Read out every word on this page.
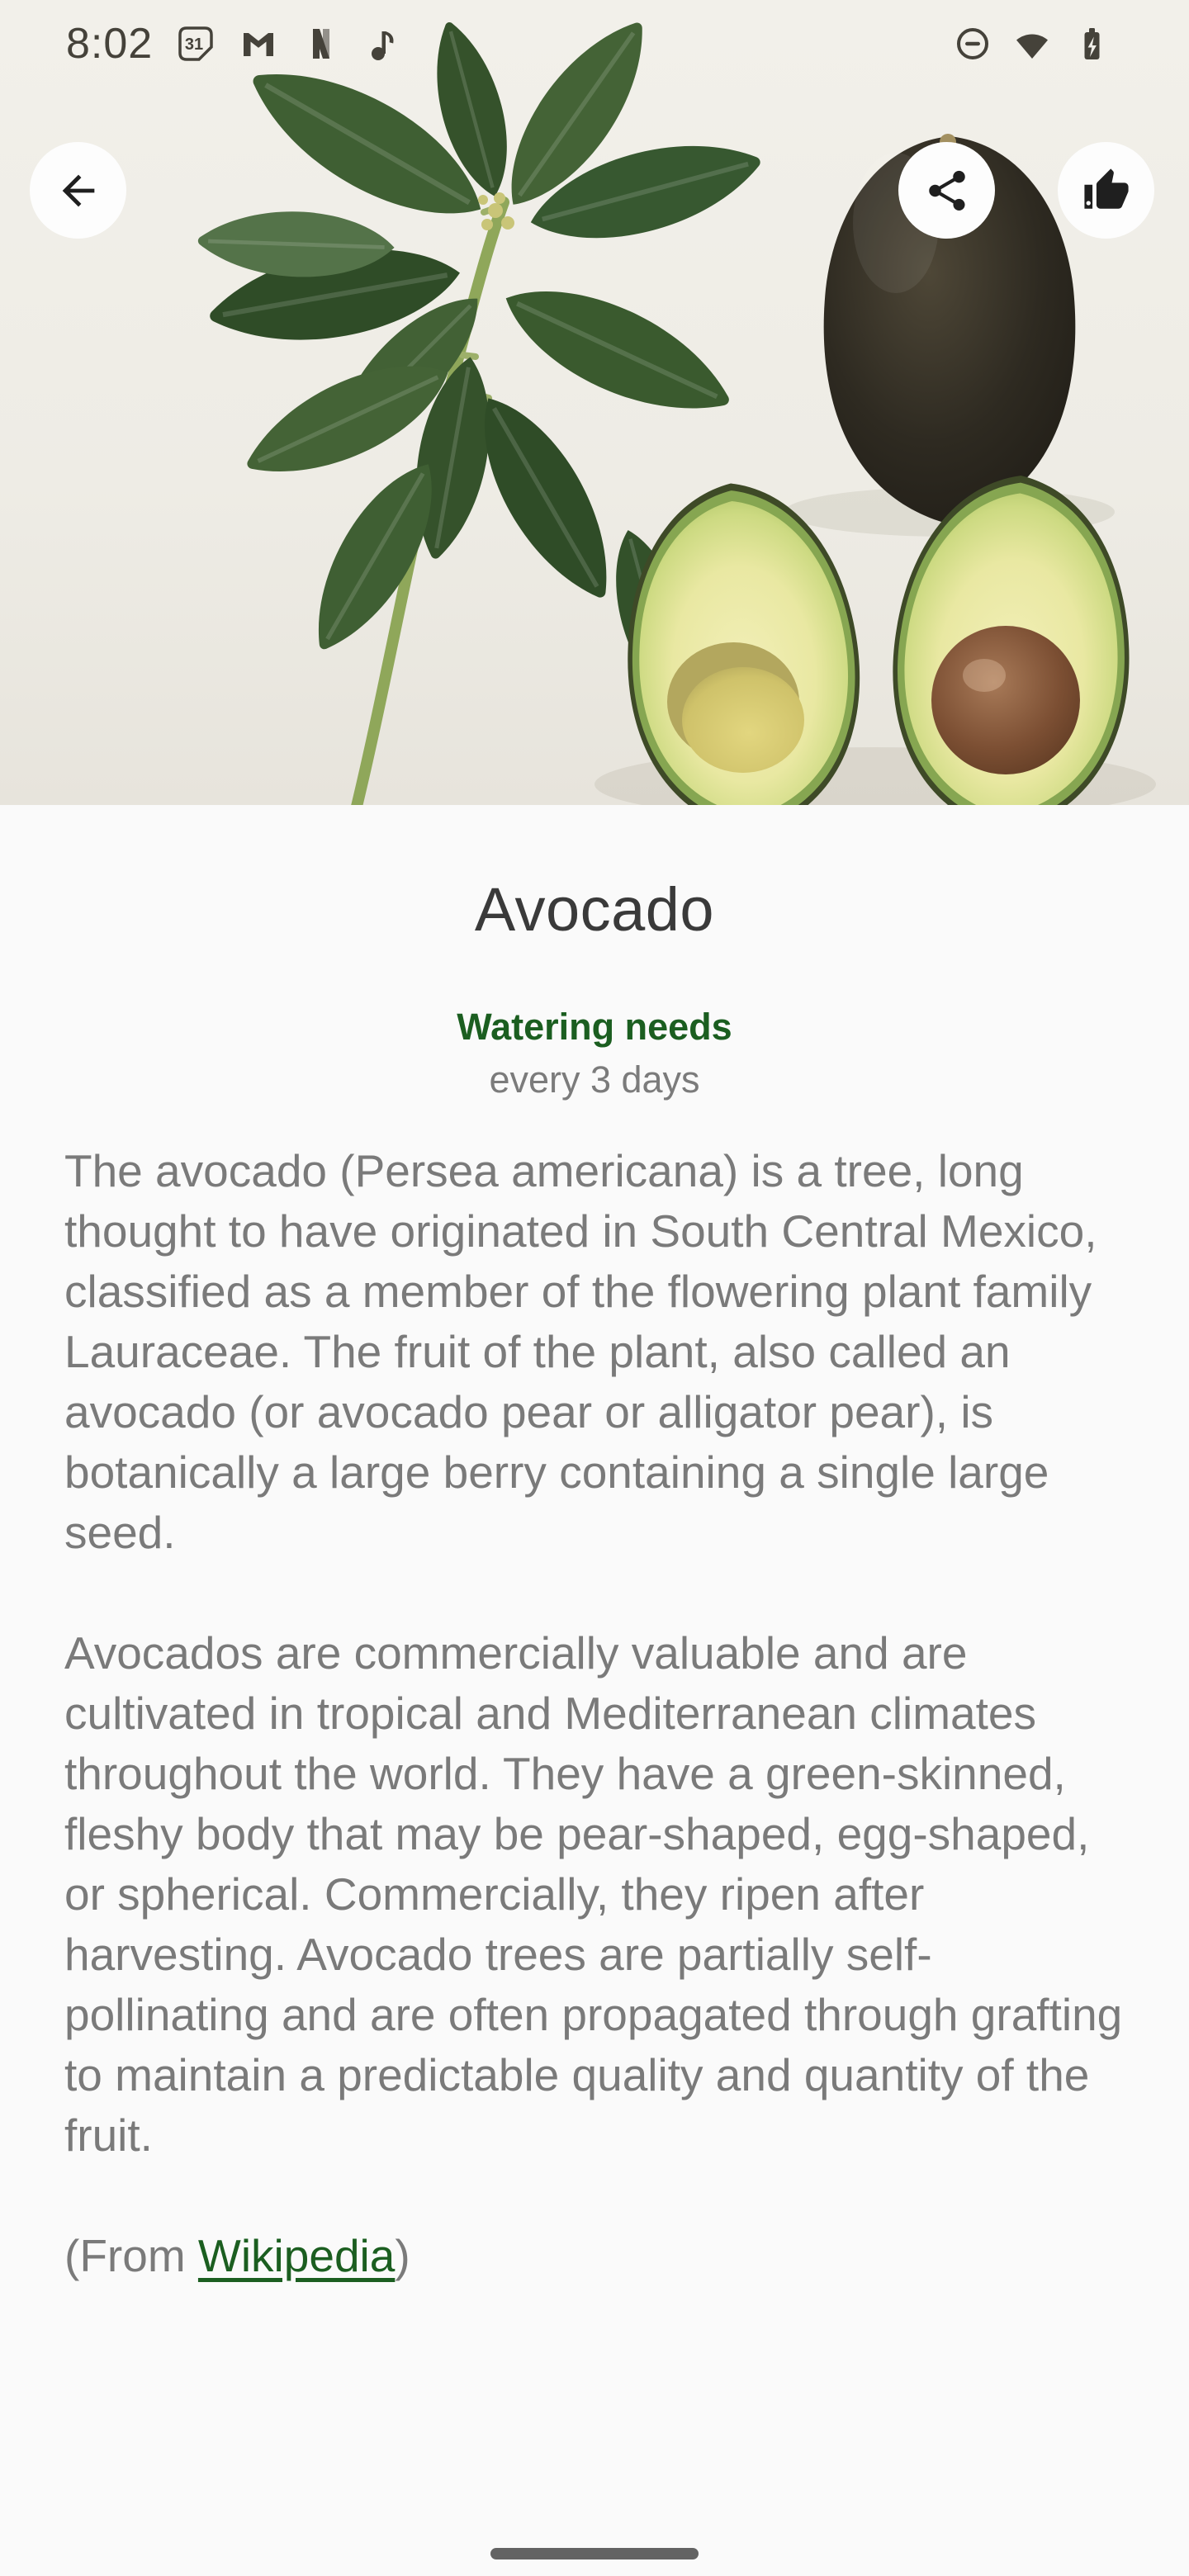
8:02 31
Avocado
Watering needs
every 3 days

The avocado (Persea americana) is a tree, long thought to have originated in South Central Mexico, classified as a member of the flowering plant family Lauraceae. The fruit of the plant, also called an avocado (or avocado pear or alligator pear), is botanically a large berry containing a single large seed.

Avocados are commercially valuable and are cultivated in tropical and Mediterranean climates throughout the world. They have a green-skinned, fleshy body that may be pear-shaped, egg-shaped, or spherical. Commercially, they ripen after harvesting. Avocado trees are partially self-pollinating and are often propagated through grafting to maintain a predictable quality and quantity of the fruit.

(From Wikipedia)
